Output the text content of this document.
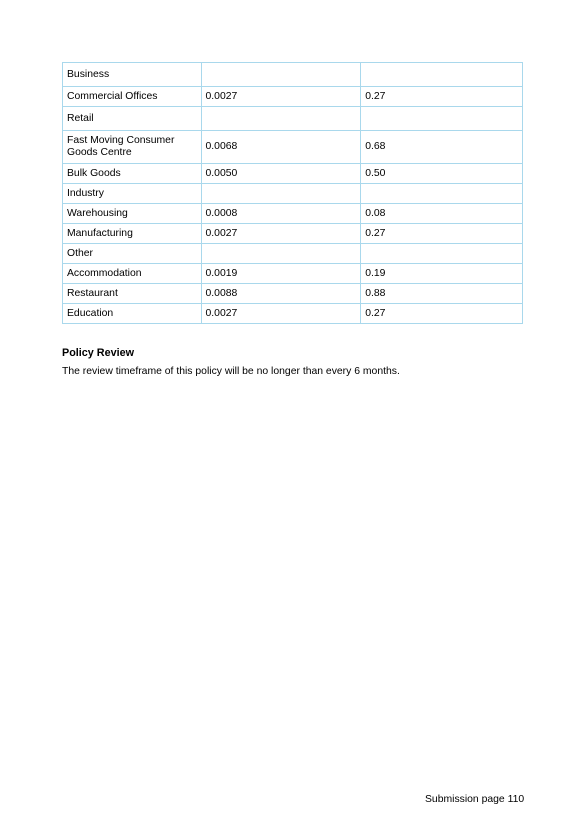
Business		
Commercial Offices	0.0027	0.27
Retail		
Fast Moving Consumer Goods Centre	0.0068	0.68
Bulk Goods	0.0050	0.50
Industry		
Warehousing	0.0008	0.08
Manufacturing	0.0027	0.27
Other		
Accommodation	0.0019	0.19
Restaurant	0.0088	0.88
Education	0.0027	0.27
Policy Review

The review timeframe of this policy will be no longer than every 6 months.

Submission page 110
